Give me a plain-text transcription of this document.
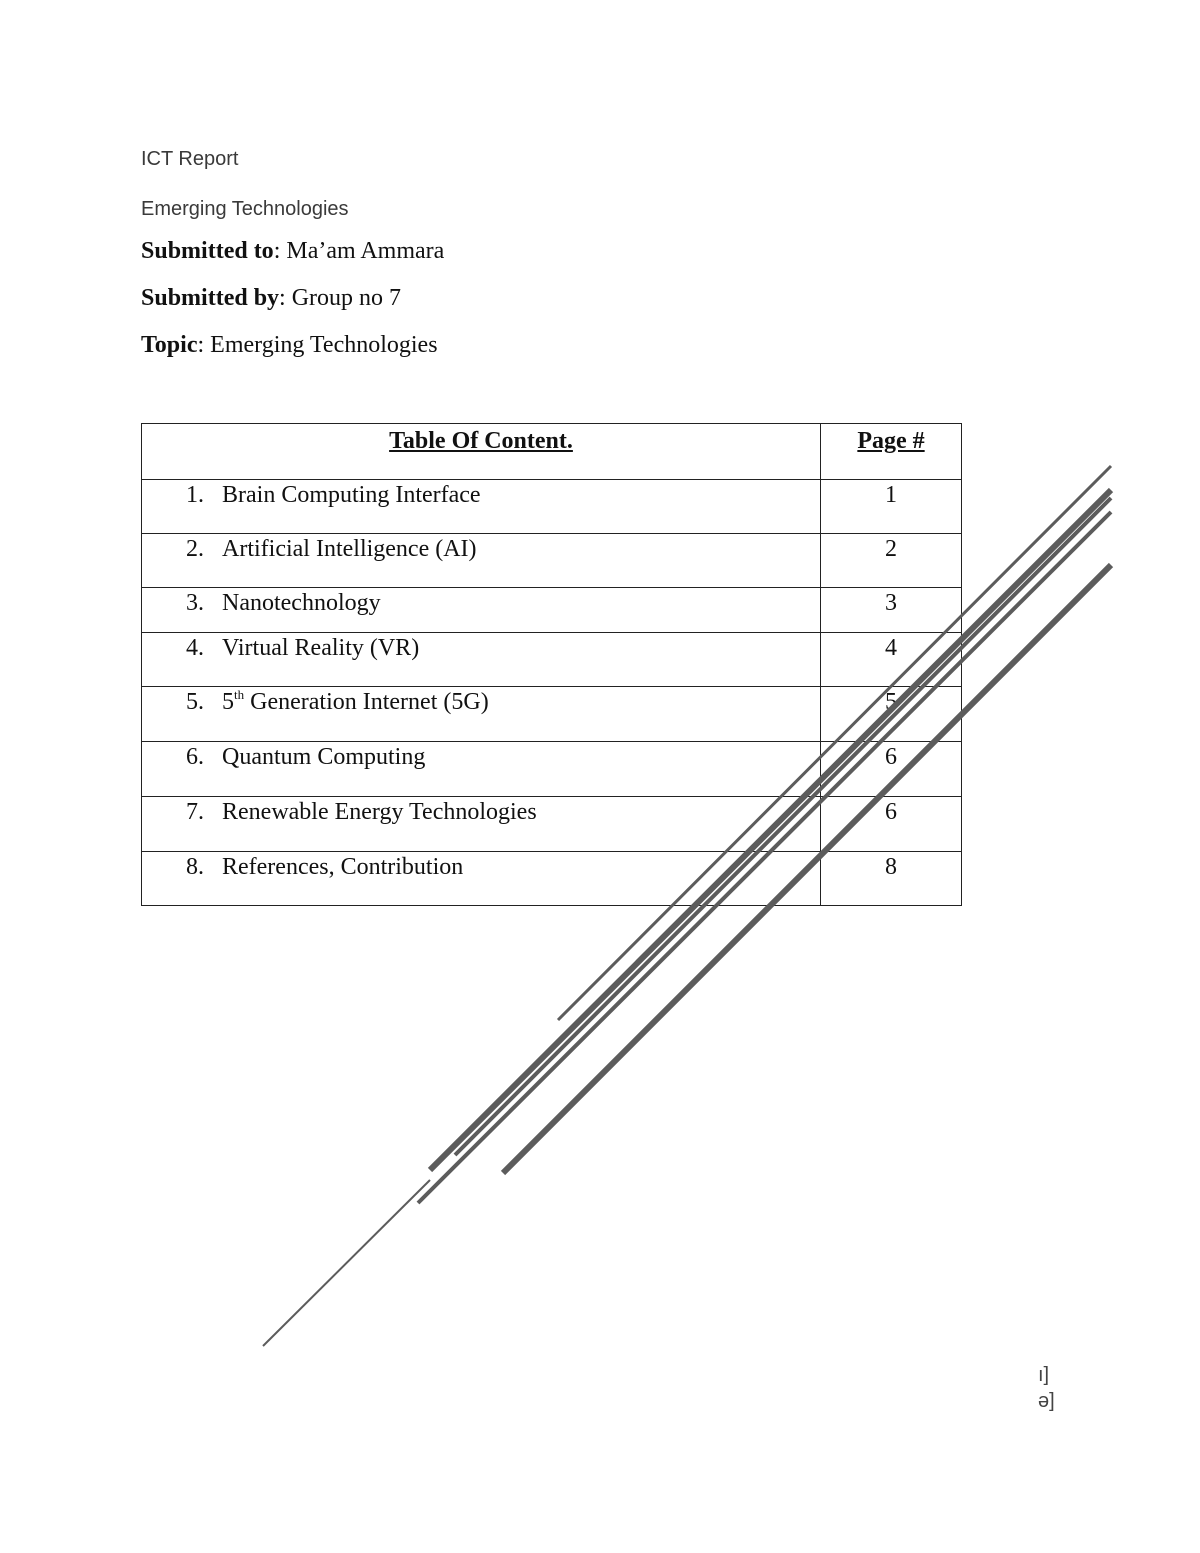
ICT Report
Emerging Technologies
Submitted to: Ma’am Ammara
Submitted by: Group no 7
Topic: Emerging Technologies
Table Of Content.	Page #
1. Brain Computing Interface	1
2. Artificial Intelligence (AI)	2
3. Nanotechnology	3
4. Virtual Reality (VR)	4
5. 5th Generation Internet (5G)	5
6. Quantum Computing	6
7. Renewable Energy Technologies	6
8. References, Contribution	8
ı]
ə]
